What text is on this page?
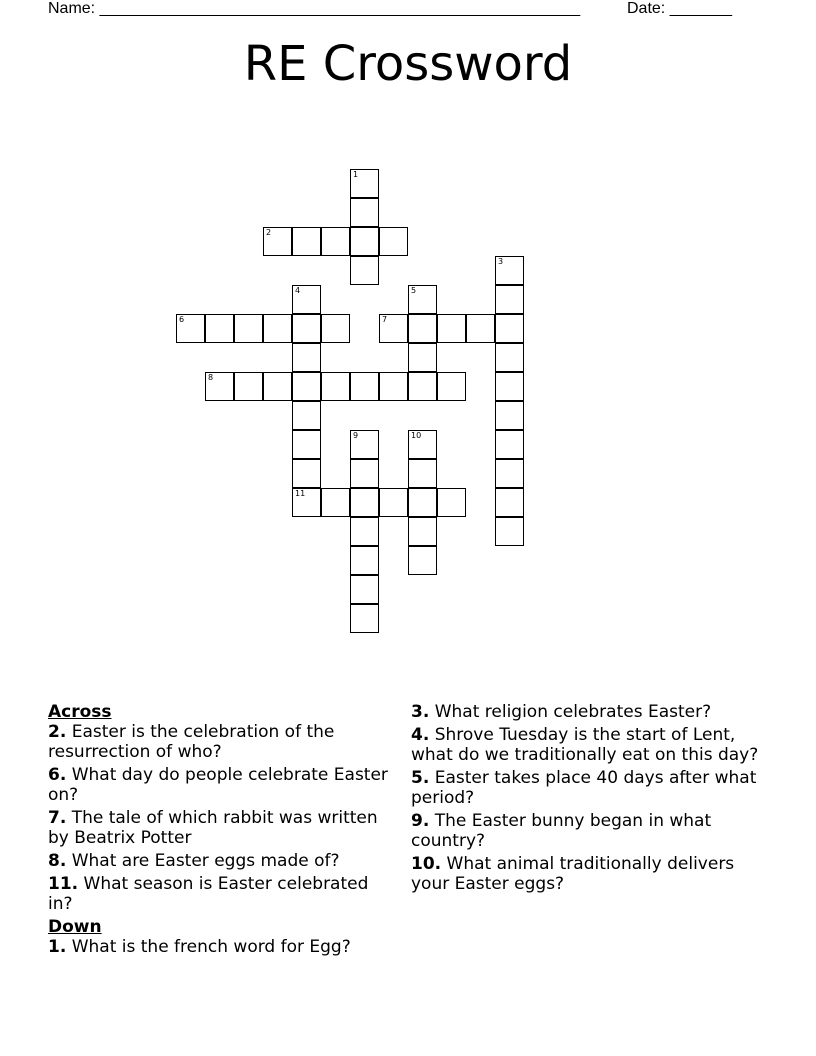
Name: ______________________________________________________	Date: _______
RE Crossword
1
2
3
4
11
5
6	7
8
9	10
Across
2. Easter is the celebration of the resurrection of who?
6. What day do people celebrate Easter on?
7. The tale of which rabbit was written by Beatrix Potter
8. What are Easter eggs made of?
11. What season is Easter celebrated in?
Down
1. What is the french word for Egg?
3. What religion celebrates Easter?
4. Shrove Tuesday is the start of Lent, what do we traditionally eat on this day?
5. Easter takes place 40 days after what period?
9. The Easter bunny began in what country?
10. What animal traditionally delivers your Easter eggs?
